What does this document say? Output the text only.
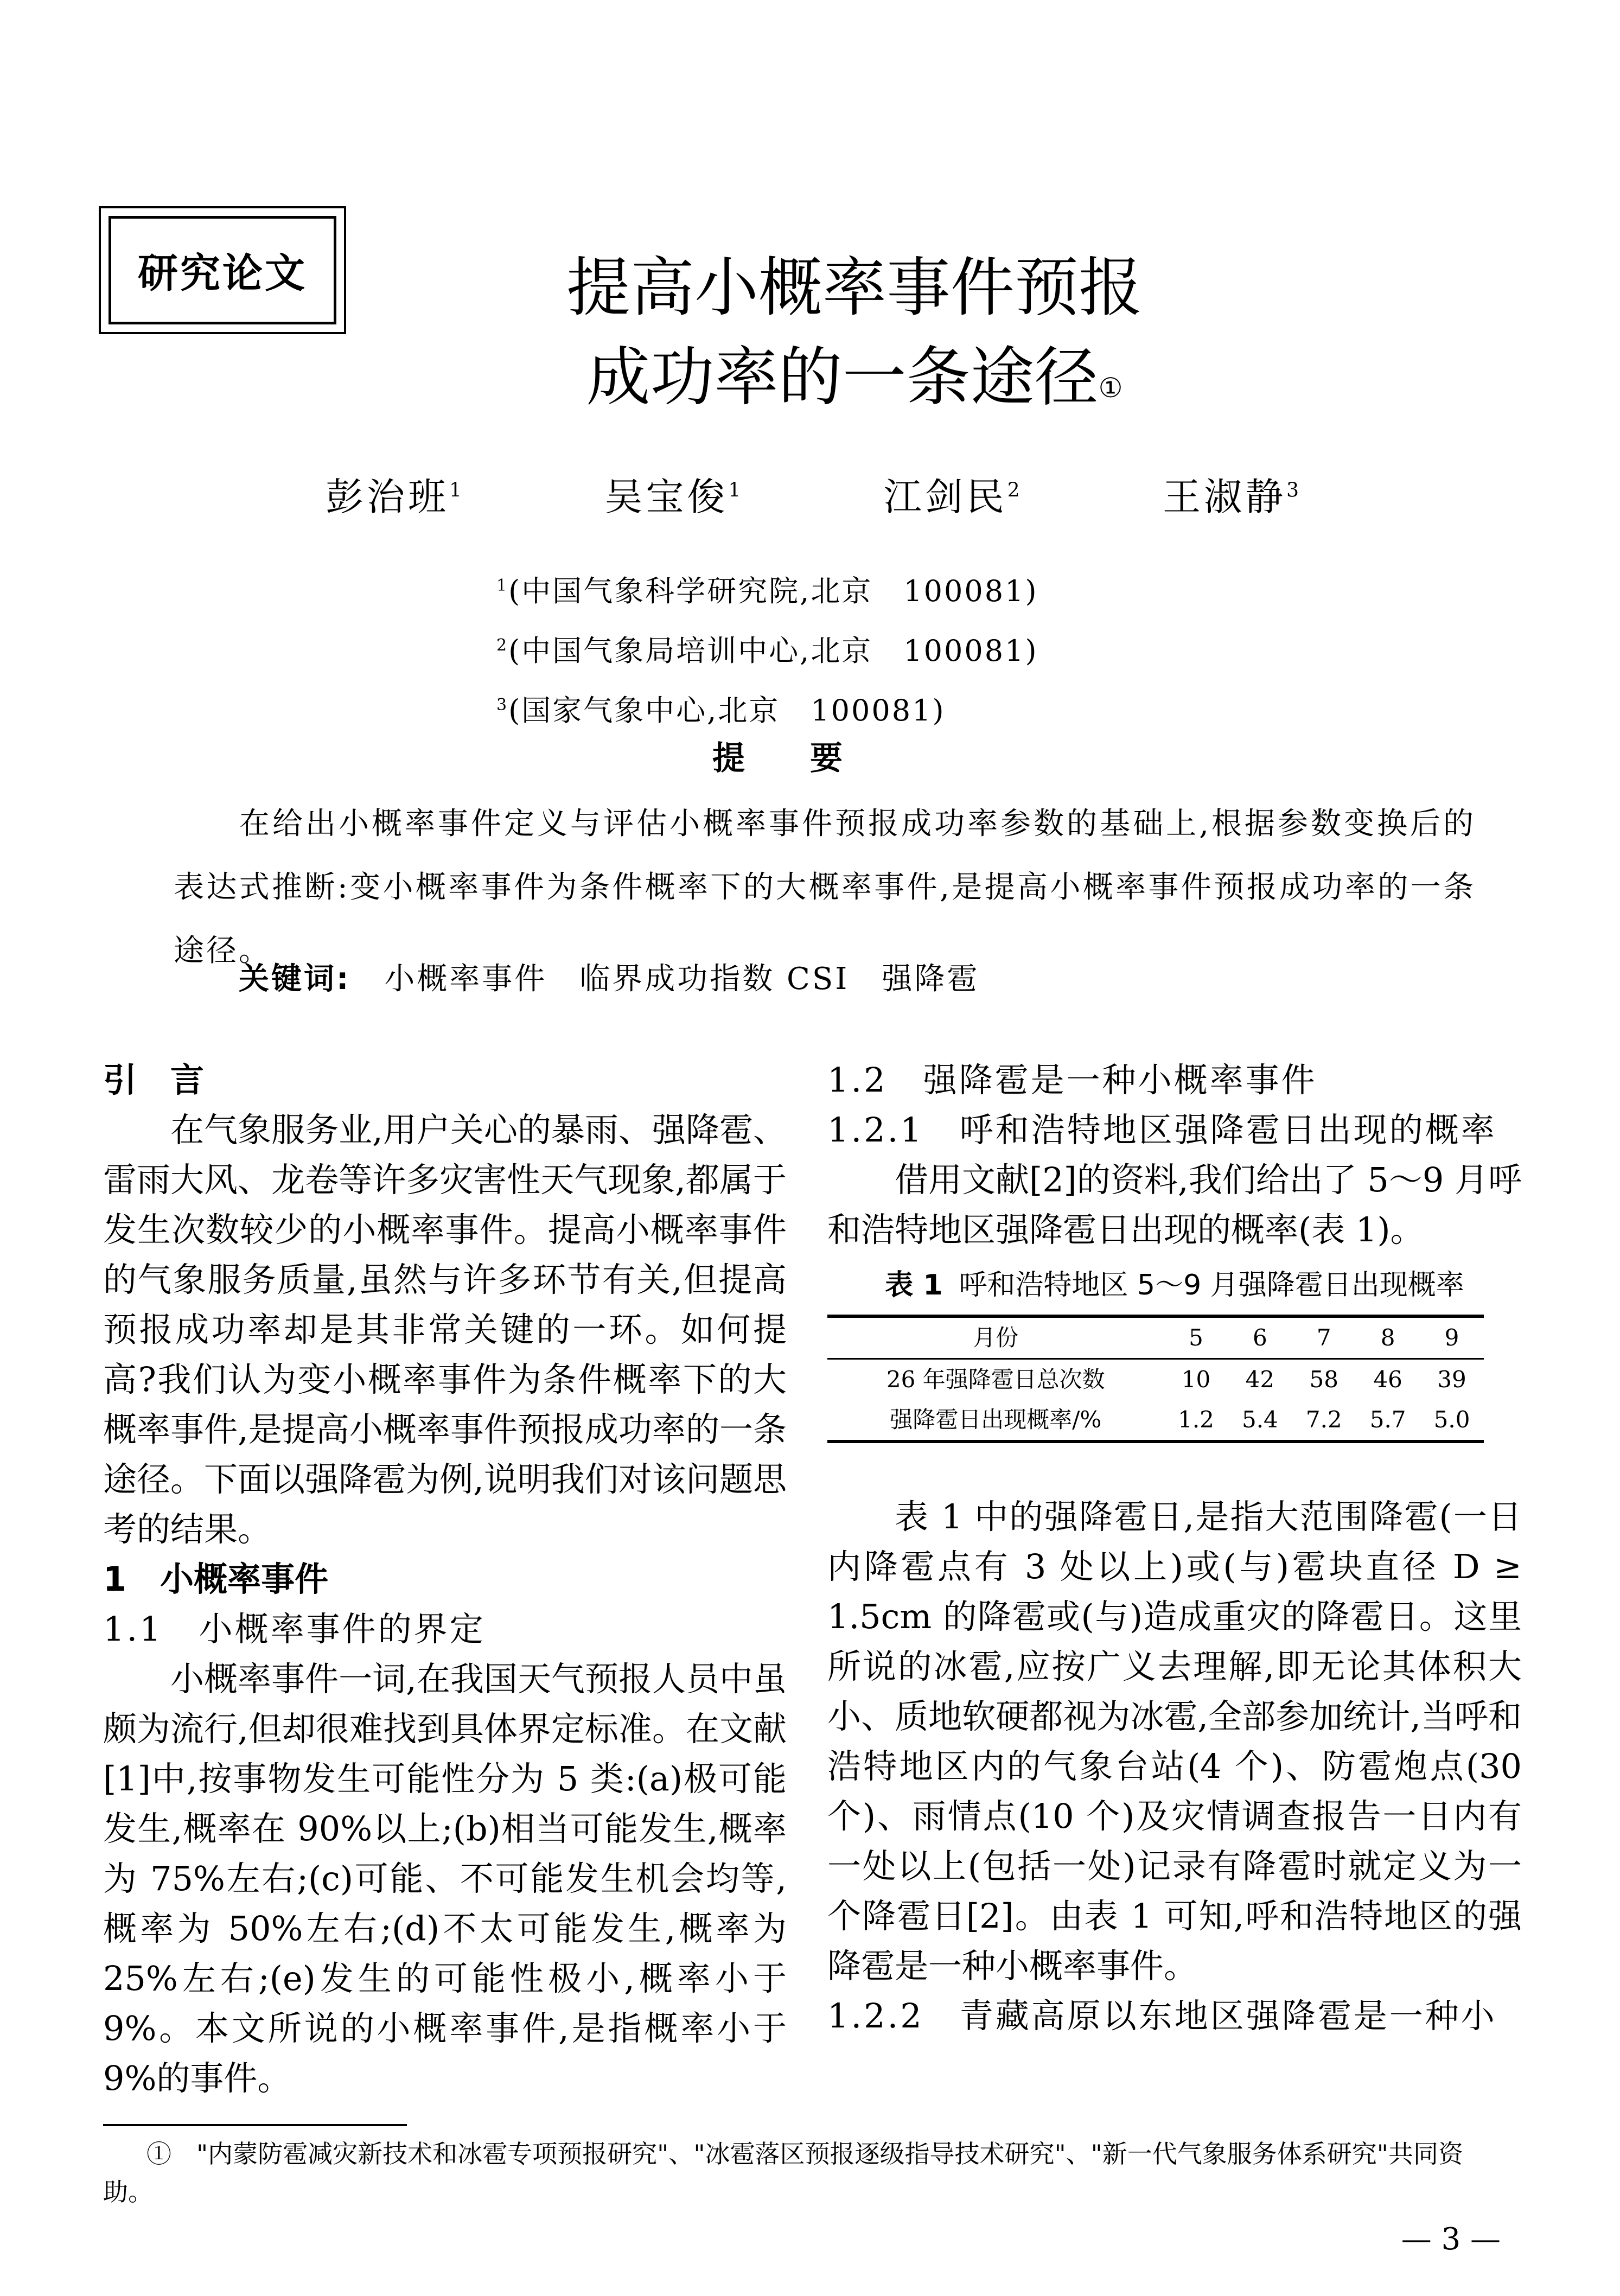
研究论文	提高小概率事件预报
成功率的一条途径①
彭治班$^1$	吴宝俊$^1$	江剑民$^2$	王淑静$^3$
$^1$(中国气象科学研究院,北京　100081)
$^2$(中国气象局培训中心,北京　100081)
$^3$(国家气象中心,北京　100081)
提要
在给出小概率事件定义与评估小概率事件预报成功率参数的基础上,根据参数变换后的表达式推断:变小概率事件为条件概率下的大概率事件,是提高小概率事件预报成功率的一条途径。
关键词: 小概率事件　临界成功指数 CSI　强降雹

引　言

在气象服务业,用户关心的暴雨、强降雹、雷雨大风、龙卷等许多灾害性天气现象,都属于发生次数较少的小概率事件。提高小概率事件的气象服务质量,虽然与许多环节有关,但提高预报成功率却是其非常关键的一环。如何提高?我们认为变小概率事件为条件概率下的大概率事件,是提高小概率事件预报成功率的一条途径。下面以强降雹为例,说明我们对该问题思考的结果。

1　小概率事件

1.1　小概率事件的界定

小概率事件一词,在我国天气预报人员中虽颇为流行,但却很难找到具体界定标准。在文献[1]中,按事物发生可能性分为 5 类:(a)极可能发生,概率在 90%以上;(b)相当可能发生,概率为 75%左右;(c)可能、不可能发生机会均等,概率为 50%左右;(d)不太可能发生,概率为 25%左右;(e)发生的可能性极小,概率小于 9%。本文所说的小概率事件,是指概率小于 9%的事件。

1.2　强降雹是一种小概率事件

1.2.1　呼和浩特地区强降雹日出现的概率

借用文献[2]的资料,我们给出了 5～9 月呼和浩特地区强降雹日出现的概率(表 1)。

表 1 呼和浩特地区 5～9 月强降雹日出现概率
月份	5	6	7	8	9
26 年强降雹日总次数	10	42	58	46	39
强降雹日出现概率/%	1.2	5.4	7.2	5.7	5.0

表 1 中的强降雹日,是指大范围降雹(一日内降雹点有 3 处以上)或(与)雹块直径 D ≥ 1.5cm 的降雹或(与)造成重灾的降雹日。这里所说的冰雹,应按广义去理解,即无论其体积大小、质地软硬都视为冰雹,全部参加统计,当呼和浩特地区内的气象台站(4 个)、防雹炮点(30 个)、雨情点(10 个)及灾情调查报告一日内有一处以上(包括一处)记录有降雹时就定义为一个降雹日[2]。由表 1 可知,呼和浩特地区的强降雹是一种小概率事件。

1.2.2　青藏高原以东地区强降雹是一种小

①　"内蒙防雹减灾新技术和冰雹专项预报研究"、"冰雹落区预报逐级指导技术研究"、"新一代气象服务体系研究"共同资助。
— 3 —
